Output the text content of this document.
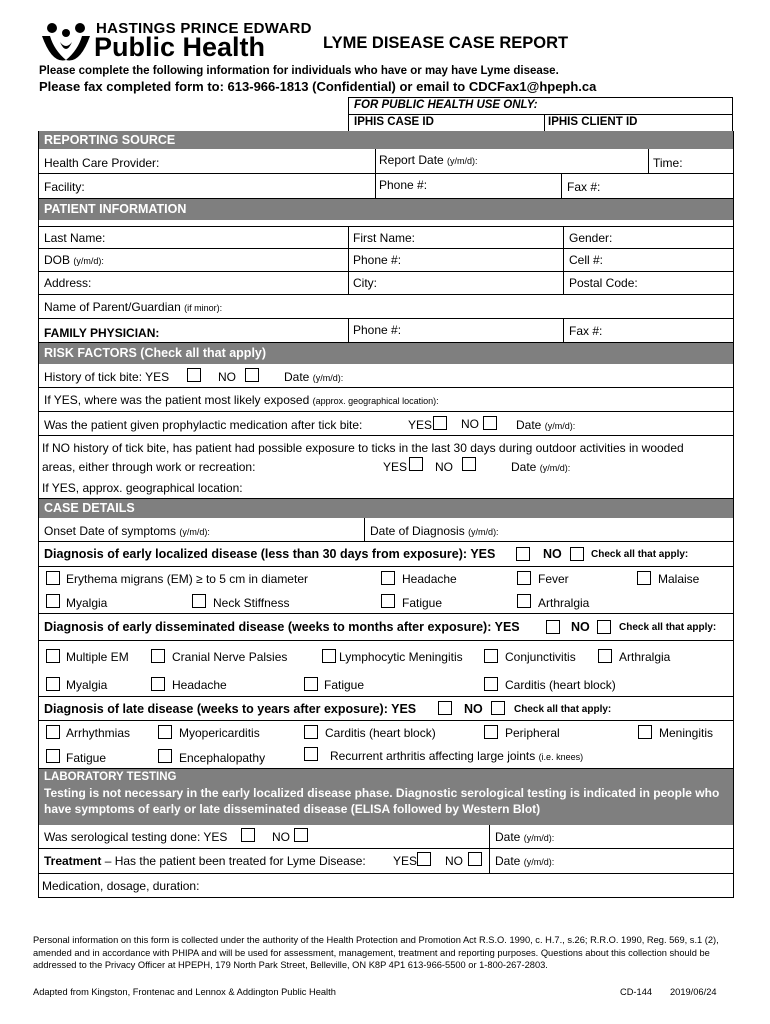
HASTINGS PRINCE EDWARD
Public Health	LYME DISEASE CASE REPORT
Please complete the following information for individuals who have or may have Lyme disease.
Please fax completed form to: 613-966-1813 (Confidential) or email to CDCFax1@hpeph.ca
FOR PUBLIC HEALTH USE ONLY:
IPHIS CASE ID	IPHIS CLIENT ID
REPORTING SOURCE
Health Care Provider:	Report Date (y/m/d):	Time:
Facility:	Phone #:	Fax #:
PATIENT INFORMATION
Last Name:	First Name:	Gender:
DOB (y/m/d):	Phone #:	Cell #:
Address:	City:	Postal Code:
Name of Parent/Guardian (if minor):
FAMILY PHYSICIAN:	Phone #:	Fax #:
RISK FACTORS (Check all that apply)
History of tick bite: YES	NO	Date (y/m/d):
If YES, where was the patient most likely exposed (approx. geographical location):
Was the patient given prophylactic medication after tick bite:	YES NO	Date (y/m/d):
If NO history of tick bite, has patient had possible exposure to ticks in the last 30 days during outdoor activities in wooded
areas, either through work or recreation:	YES NO	Date (y/m/d):
If YES, approx. geographical location:
CASE DETAILS
Onset Date of symptoms (y/m/d):	Date of Diagnosis (y/m/d):
Diagnosis of early localized disease (less than 30 days from exposure): YES	NO	Check all that apply:
Erythema migrans (EM) ≥ to 5 cm in diameter	Headache	Fever	Malaise
Myalgia	Neck Stiffness	Fatigue	Arthralgia
Diagnosis of early disseminated disease (weeks to months after exposure): YES	NO	Check all that apply:
Multiple EM	Cranial Nerve Palsies	Lymphocytic Meningitis	Conjunctivitis	Arthralgia
Myalgia	Headache	Fatigue	Carditis (heart block)
Diagnosis of late disease (weeks to years after exposure): YES	NO	Check all that apply:
Arrhythmias	Myopericarditis	Carditis (heart block)	Peripheral	Meningitis
Fatigue	Encephalopathy	Recurrent arthritis affecting large joints (i.e. knees)
LABORATORY TESTING
Testing is not necessary in the early localized disease phase. Diagnostic serological testing is indicated in people who have symptoms of early or late disseminated disease (ELISA followed by Western Blot)
Was serological testing done: YES	NO	Date (y/m/d):
Treatment – Has the patient been treated for Lyme Disease: YES NO	Date (y/m/d):
Medication, dosage, duration:
Personal information on this form is collected under the authority of the Health Protection and Promotion Act R.S.O. 1990, c. H.7., s.26; R.R.O. 1990, Reg. 569, s.1 (2), amended and in accordance with PHIPA and will be used for assessment, management, treatment and reporting purposes. Questions about this collection should be addressed to the Privacy Officer at HPEPH, 179 North Park Street, Belleville, ON K8P 4P1 613-966-5500 or 1-800-267-2803.
Adapted from Kingston, Frontenac and Lennox & Addington Public Health	CD-144 2019/06/24
